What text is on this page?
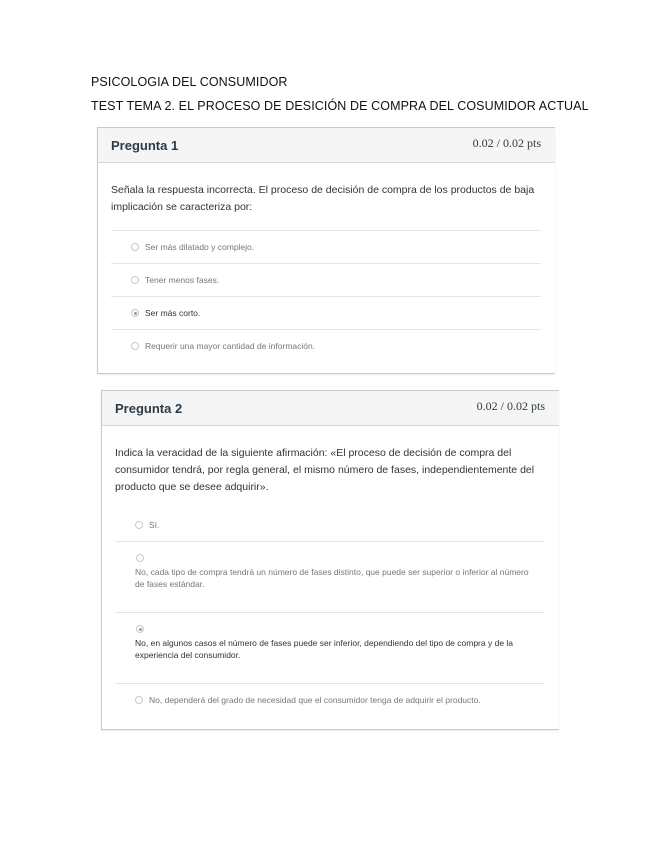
PSICOLOGIA DEL CONSUMIDOR
TEST TEMA 2. EL PROCESO DE DESICIÓN DE COMPRA DEL COSUMIDOR ACTUAL
Pregunta 1	0.02 / 0.02 pts
Señala la respuesta incorrecta. El proceso de decisión de compra de los productos de baja implicación se caracteriza por:
Ser más dilatado y complejo.
Tener menos fases.
Ser más corto.
Requerir una mayor cantidad de información.
Pregunta 2	0.02 / 0.02 pts
Indica la veracidad de la siguiente afirmación: «El proceso de decisión de compra del consumidor tendrá, por regla general, el mismo número de fases, independientemente del producto que se desee adquirir».
Sí.
No, cada tipo de compra tendrá un número de fases distinto, que puede ser superior o inferior al número de fases estándar.
No, en algunos casos el número de fases puede ser inferior, dependiendo del tipo de compra y de la experiencia del consumidor.
No, dependerá del grado de necesidad que el consumidor tenga de adquirir el producto.
